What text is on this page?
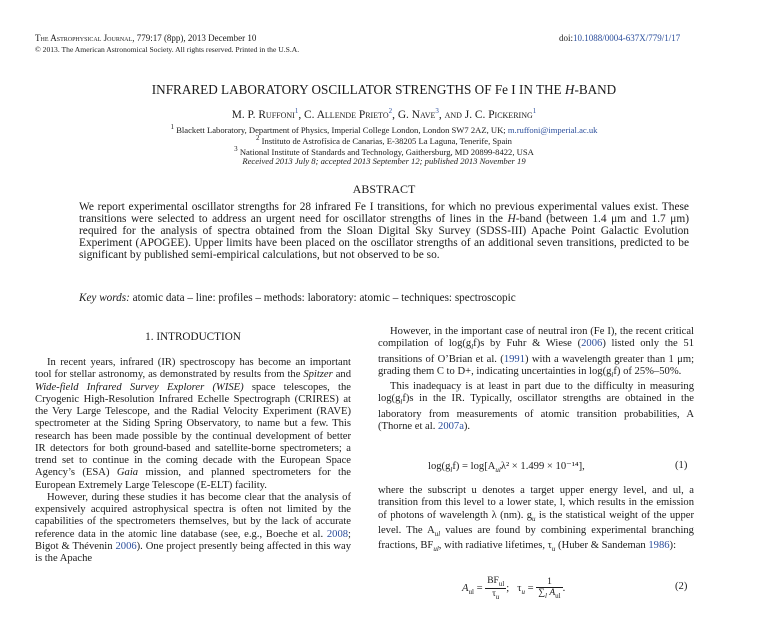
The Astrophysical Journal, 779:17 (8pp), 2013 December 10
© 2013. The American Astronomical Society. All rights reserved. Printed in the U.S.A.
doi:10.1088/0004-637X/779/1/17
INFRARED LABORATORY OSCILLATOR STRENGTHS OF Fe I IN THE H-BAND
M. P. Ruffoni$^1$, C. Allende Prieto$^2$, G. Nave$^3$, and J. C. Pickering$^1$
$^1$ Blackett Laboratory, Department of Physics, Imperial College London, London SW7 2AZ, UK; m.ruffoni@imperial.ac.uk
$^2$ Instituto de Astrofísica de Canarias, E-38205 La Laguna, Tenerife, Spain
$^3$ National Institute of Standards and Technology, Gaithersburg, MD 20899-8422, USA
Received 2013 July 8; accepted 2013 September 12; published 2013 November 19
ABSTRACT
We report experimental oscillator strengths for 28 infrared Fe I transitions, for which no previous experimental values exist. These transitions were selected to address an urgent need for oscillator strengths of lines in the H-band (between 1.4 μm and 1.7 μm) required for the analysis of spectra obtained from the Sloan Digital Sky Survey (SDSS-III) Apache Point Galactic Evolution Experiment (APOGEE). Upper limits have been placed on the oscillator strengths of an additional seven transitions, predicted to be significant by published semi-empirical calculations, but not observed to be so.
Key words: atomic data – line: profiles – methods: laboratory: atomic – techniques: spectroscopic
1. INTRODUCTION

In recent years, infrared (IR) spectroscopy has become an important tool for stellar astronomy, as demonstrated by results from the Spitzer and Wide-field Infrared Survey Explorer (WISE) space telescopes, the Cryogenic High-Resolution Infrared Echelle Spectrograph (CRIRES) at the Very Large Telescope, and the Radial Velocity Experiment (RAVE) spectrometer at the Siding Spring Observatory, to name but a few. This research has been made possible by the continual development of better IR detectors for both ground-based and satellite-borne spectrometers; a trend set to continue in the coming decade with the European Space Agency’s (ESA) Gaia mission, and planned spectrometers for the European Extremely Large Telescope (E-ELT) facility.

However, during these studies it has become clear that the analysis of expensively acquired astrophysical spectra is often not limited by the capabilities of the spectrometers themselves, but by the lack of accurate reference data in the atomic line database (see, e.g., Boeche et al. 2008; Bigot & Thévenin 2006). One project presently being affected in this way is the Apache

However, in the important case of neutral iron (Fe I), the recent critical compilation of $\log(g_lf)s$ by Fuhr & Wiese (2006) listed only the 51 transitions of O’Brian et al. (1991) with a wavelength greater than 1 μm; grading them C to D+, indicating uncertainties in $\log(g_lf)$ of 25%–50%.

This inadequacy is at least in part due to the difficulty in measuring $\log(g_lf)s$ in the IR. Typically, oscillator strengths are obtained in the laboratory from measurements of atomic transition probabilities, A (Thorne et al. 2007a).

$\log(g_lf) = \log[A_{ul}\lambda^2 \times 1.499 \times 10^{-14}]$,	(1)

where the subscript u denotes a target upper energy level, and ul, a transition from this level to a lower state, l, which results in the emission of photons of wavelength λ (nm). $g_u$ is the statistical weight of the upper level. The $A_{ul}$ values are found by combining experimental branching fractions, $BF_{ul}$, with radiative lifetimes, $\tau_u$ (Huber & Sandeman 1986):

$A_{ul} = \frac{BF_{ul}}{\tau_u}$ ; $\tau_u = \frac{1}{\sum_l A_{ul}}$ .	(2)
